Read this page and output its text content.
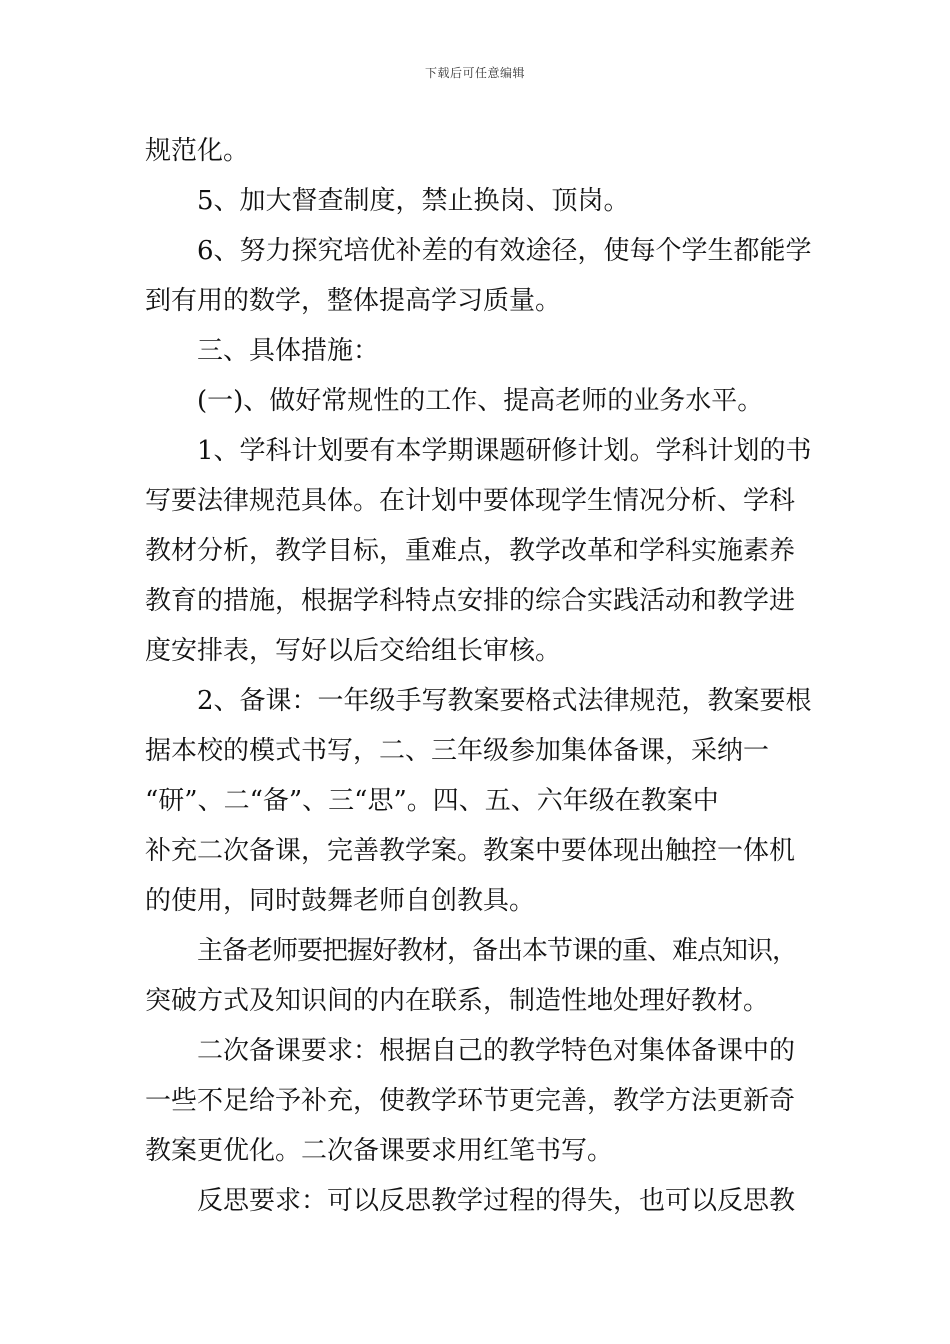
下载后可任意编辑
规范化。
5、加大督查制度，禁止换岗、顶岗。
6、努力探究培优补差的有效途径，使每个学生都能学
到有用的数学，整体提高学习质量。
三、具体措施：
(一)、做好常规性的工作、提高老师的业务水平。
1、学科计划要有本学期课题研修计划。学科计划的书
写要法律规范具体。在计划中要体现学生情况分析、学科
教材分析，教学目标，重难点，教学改革和学科实施素养
教育的措施，根据学科特点安排的综合实践活动和教学进
度安排表，写好以后交给组长审核。
2、备课：一年级手写教案要格式法律规范，教案要根
据本校的模式书写，二、三年级参加集体备课，采纳一
“研”、二“备”、三“思”。四、五、六年级在教案中
补充二次备课，完善教学案。教案中要体现出触控一体机
的使用，同时鼓舞老师自创教具。
主备老师要把握好教材，备出本节课的重、难点知识，
突破方式及知识间的内在联系，制造性地处理好教材。
二次备课要求：根据自己的教学特色对集体备课中的
一些不足给予补充，使教学环节更完善，教学方法更新奇
教案更优化。二次备课要求用红笔书写。
反思要求：可以反思教学过程的得失，也可以反思教
